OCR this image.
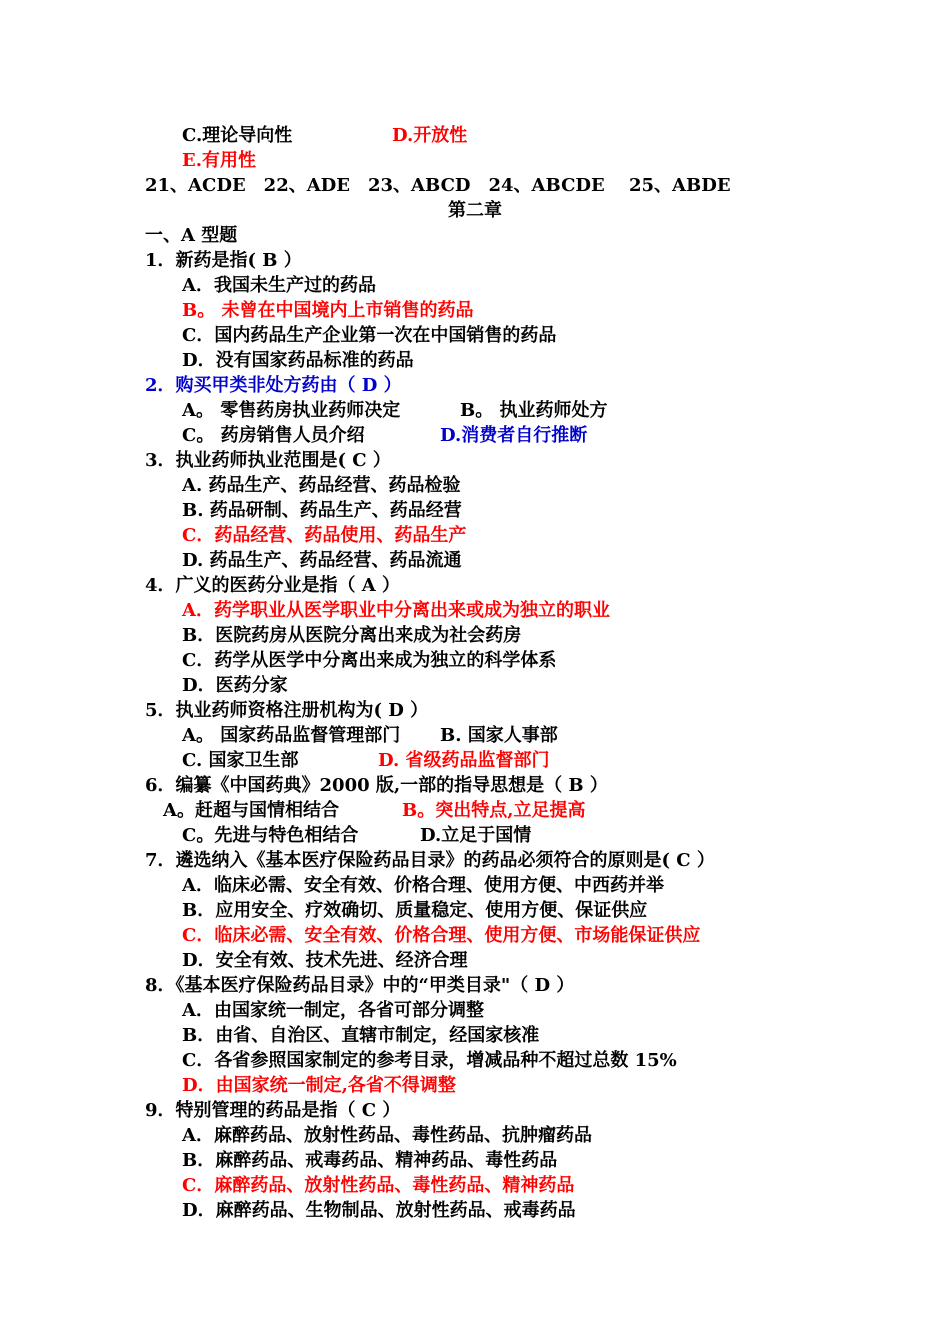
C.理论导向性	D.开放性
E.有用性
21、ACDE　22、ADE　23、ABCD　24、ABCDE　 25、ABDE
第二章
一、A 型题
1．新药是指( B ）
A．我国未生产过的药品
B。 未曾在中国境内上市销售的药品
C．国内药品生产企业第一次在中国销售的药品
D．没有国家药品标准的药品
2．购买甲类非处方药由（ D ）
A。 零售药房执业药师决定	B。 执业药师处方
C。 药房销售人员介绍	D.消费者自行推断
3．执业药师执业范围是( C ）
A. 药品生产、药品经营、药品检验
B. 药品研制、药品生产、药品经营
C．药品经营、药品使用、药品生产
D. 药品生产、药品经营、药品流通
4．广义的医药分业是指（ A ）
A．药学职业从医学职业中分离出来或成为独立的职业
B．医院药房从医院分离出来成为社会药房
C．药学从医学中分离出来成为独立的科学体系
D．医药分家
5．执业药师资格注册机构为( D ）
A。 国家药品监督管理部门 B. 国家人事部
C. 国家卫生部	D. 省级药品监督部门
6．编纂《中国药典》2000 版,一部的指导思想是（ B ）
A。赶超与国情相结合	B。突出特点,立足提高
C。先进与特色相结合	D.立足于国情
7．遴选纳入《基本医疗保险药品目录》的药品必须符合的原则是( C ）
A．临床必需、安全有效、价格合理、使用方便、中西药并举
B．应用安全、疗效确切、质量稳定、使用方便、保证供应
C．临床必需、安全有效、价格合理、使用方便、市场能保证供应
D．安全有效、技术先进、经济合理
8．《基本医疗保险药品目录》中的“甲类目录"（ D ）
A．由国家统一制定，各省可部分调整
B．由省、自治区、直辖市制定，经国家核准
C．各省参照国家制定的参考目录，增减品种不超过总数 15%
D．由国家统一制定,各省不得调整
9．特别管理的药品是指（ C ）
A．麻醉药品、放射性药品、毒性药品、抗肿瘤药品
B．麻醉药品、戒毒药品、精神药品、毒性药品
C．麻醉药品、放射性药品、毒性药品、精神药品
D．麻醉药品、生物制品、放射性药品、戒毒药品
